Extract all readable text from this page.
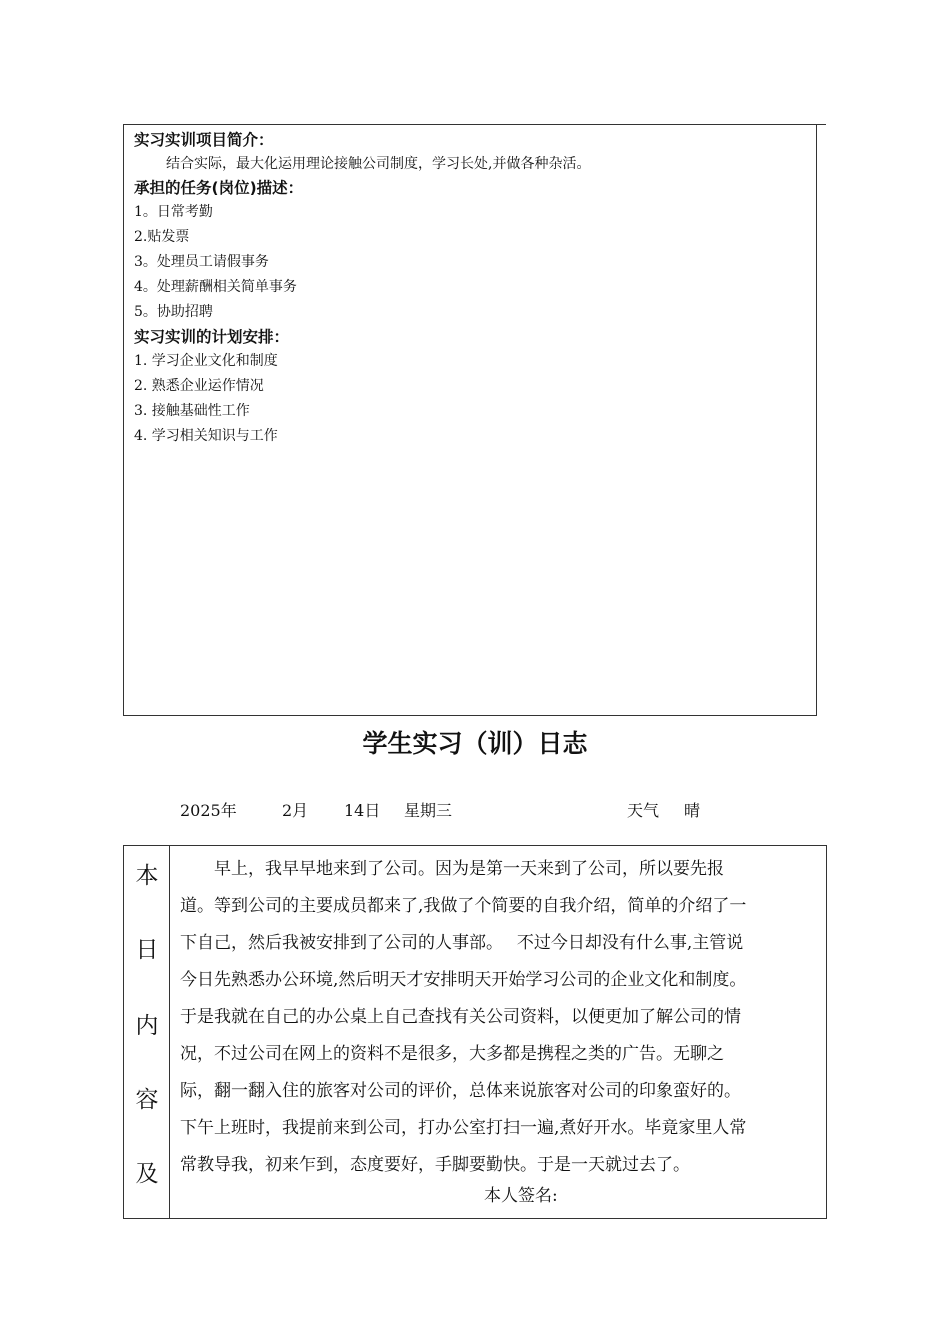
实习实训项目简介：
结合实际，最大化运用理论接触公司制度，学习长处,并做各种杂活。
承担的任务(岗位)描述：
1。日常考勤
2.贴发票
3。处理员工请假事务
4。处理薪酬相关简单事务
5。协助招聘
实习实训的计划安排：
1. 学习企业文化和制度
2. 熟悉企业运作情况
3. 接触基础性工作
4. 学习相关知识与工作
学生实习（训）日志
2025年	2月 14日 星期三	天气 晴
本
日
内
容
及
早上，我早早地来到了公司。因为是第一天来到了公司，所以要先报
道。等到公司的主要成员都来了,我做了个简要的自我介绍，简单的介绍了一
下自己，然后我被安排到了公司的人事部。　 不过今日却没有什么事,主管说
今日先熟悉办公环境,然后明天才安排明天开始学习公司的企业文化和制度。
于是我就在自己的办公桌上自己查找有关公司资料，以便更加了解公司的情
况，不过公司在网上的资料不是很多，大多都是携程之类的广告。无聊之
际，翻一翻入住的旅客对公司的评价，总体来说旅客对公司的印象蛮好的。
下午上班时，我提前来到公司，打办公室打扫一遍,煮好开水。毕竟家里人常
常教导我，初来乍到，态度要好，手脚要勤快。于是一天就过去了。
本人签名:
